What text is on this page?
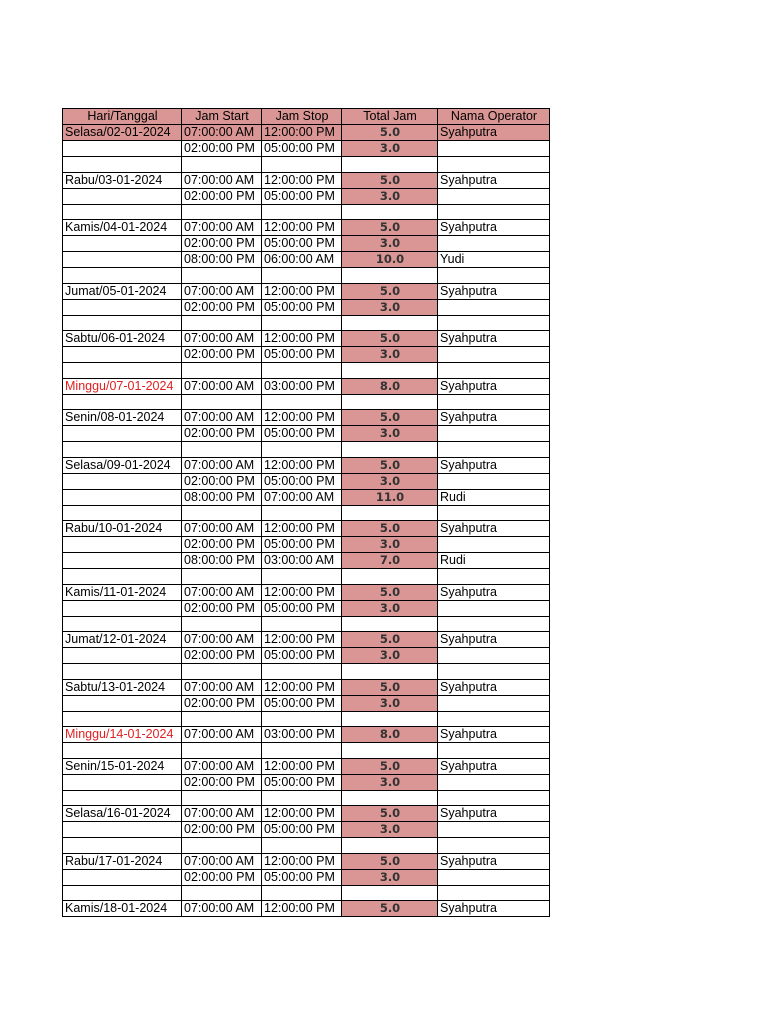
Hari/Tanggal	Jam Start	Jam Stop	Total Jam	Nama Operator
Selasa/02-01-2024	07:00:00 AM	12:00:00 PM	5.0	Syahputra
	02:00:00 PM	05:00:00 PM	3.0	

Rabu/03-01-2024	07:00:00 AM	12:00:00 PM	5.0	Syahputra
	02:00:00 PM	05:00:00 PM	3.0	

Kamis/04-01-2024	07:00:00 AM	12:00:00 PM	5.0	Syahputra
	02:00:00 PM	05:00:00 PM	3.0	
	08:00:00 PM	06:00:00 AM	10.0	Yudi

Jumat/05-01-2024	07:00:00 AM	12:00:00 PM	5.0	Syahputra
	02:00:00 PM	05:00:00 PM	3.0	

Sabtu/06-01-2024	07:00:00 AM	12:00:00 PM	5.0	Syahputra
	02:00:00 PM	05:00:00 PM	3.0	

Minggu/07-01-2024	07:00:00 AM	03:00:00 PM	8.0	Syahputra

Senin/08-01-2024	07:00:00 AM	12:00:00 PM	5.0	Syahputra
	02:00:00 PM	05:00:00 PM	3.0	

Selasa/09-01-2024	07:00:00 AM	12:00:00 PM	5.0	Syahputra
	02:00:00 PM	05:00:00 PM	3.0	
	08:00:00 PM	07:00:00 AM	11.0	Rudi

Rabu/10-01-2024	07:00:00 AM	12:00:00 PM	5.0	Syahputra
	02:00:00 PM	05:00:00 PM	3.0	
	08:00:00 PM	03:00:00 AM	7.0	Rudi

Kamis/11-01-2024	07:00:00 AM	12:00:00 PM	5.0	Syahputra
	02:00:00 PM	05:00:00 PM	3.0	

Jumat/12-01-2024	07:00:00 AM	12:00:00 PM	5.0	Syahputra
	02:00:00 PM	05:00:00 PM	3.0	

Sabtu/13-01-2024	07:00:00 AM	12:00:00 PM	5.0	Syahputra
	02:00:00 PM	05:00:00 PM	3.0	

Minggu/14-01-2024	07:00:00 AM	03:00:00 PM	8.0	Syahputra

Senin/15-01-2024	07:00:00 AM	12:00:00 PM	5.0	Syahputra
	02:00:00 PM	05:00:00 PM	3.0	

Selasa/16-01-2024	07:00:00 AM	12:00:00 PM	5.0	Syahputra
	02:00:00 PM	05:00:00 PM	3.0	

Rabu/17-01-2024	07:00:00 AM	12:00:00 PM	5.0	Syahputra
	02:00:00 PM	05:00:00 PM	3.0	

Kamis/18-01-2024	07:00:00 AM	12:00:00 PM	5.0	Syahputra
